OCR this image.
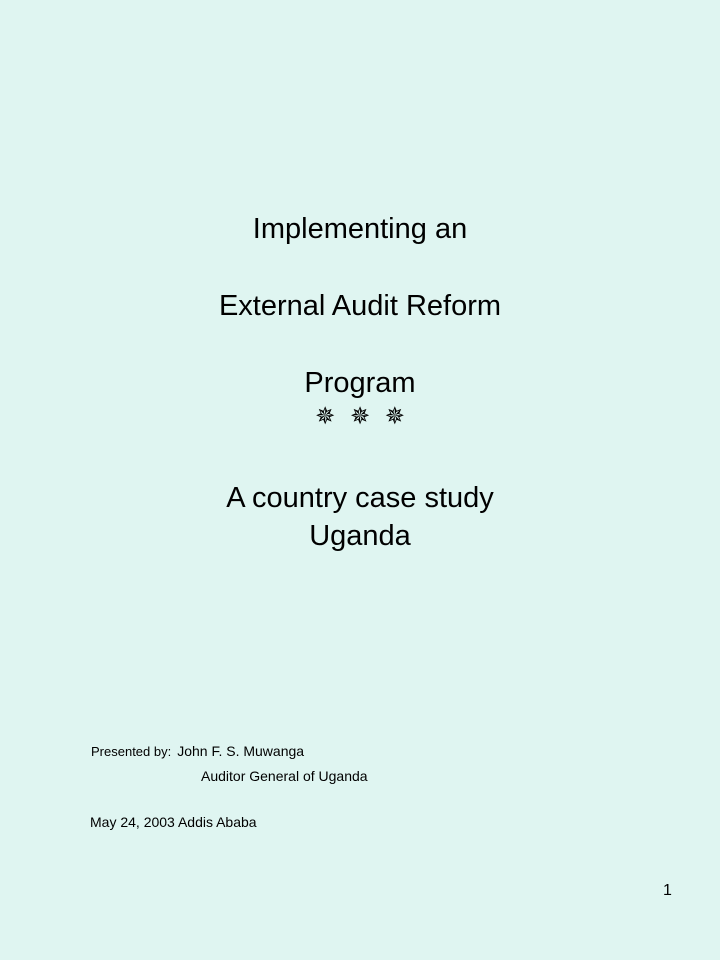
Implementing an
External Audit Reform
Program
✵ ✵ ✵
A country case study
Uganda
Presented by: John F. S. Muwanga
Auditor General of Uganda
May 24, 2003 Addis Ababa
1
